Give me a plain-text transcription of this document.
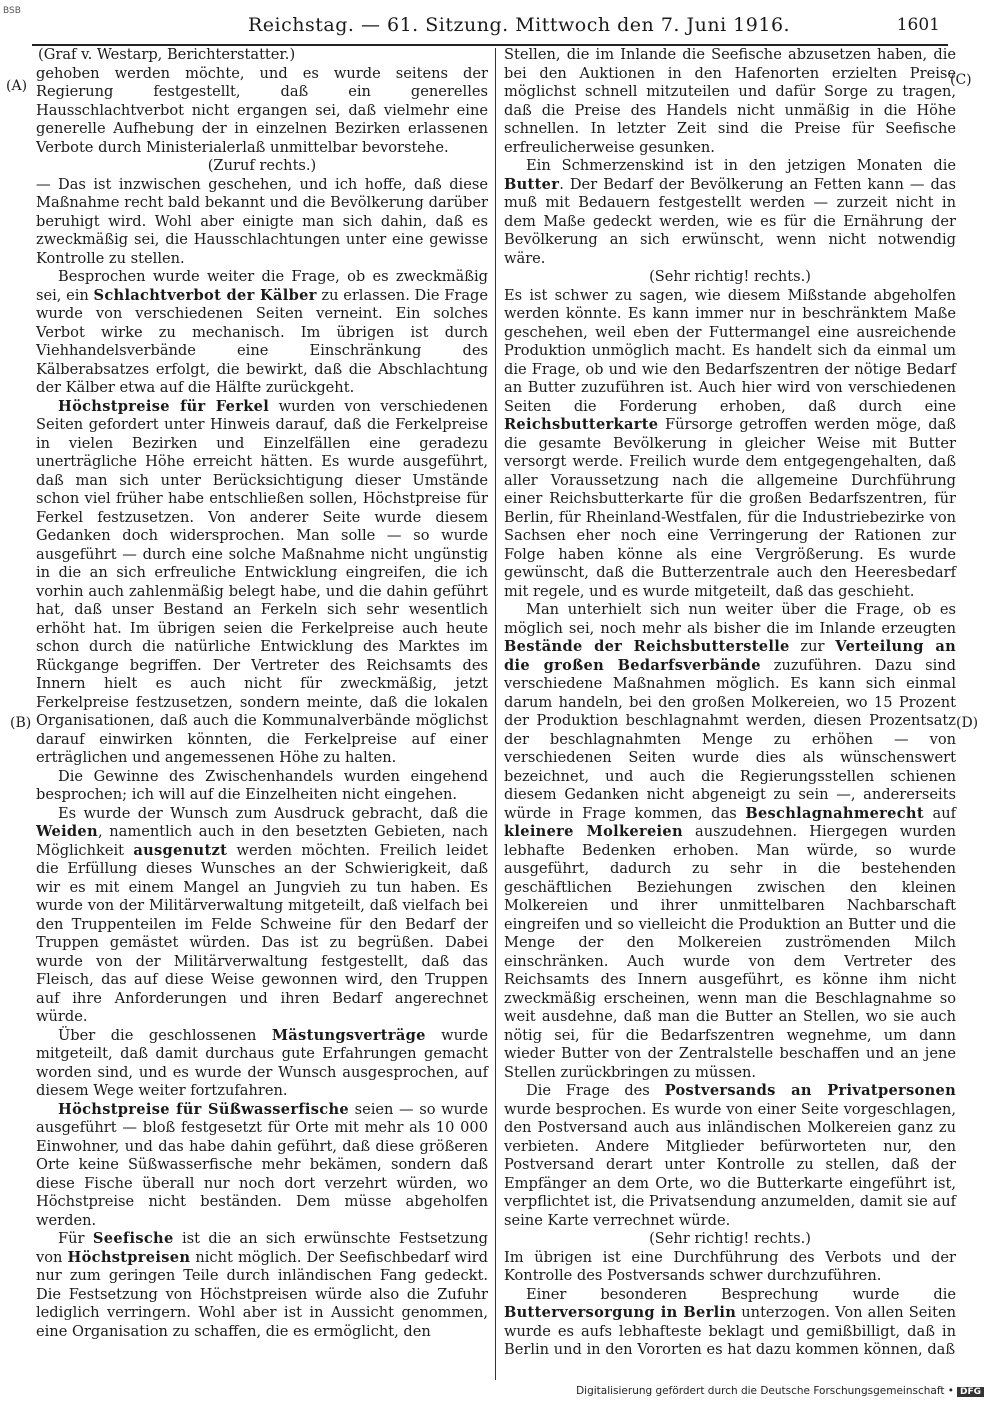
BSB
Reichstag. — 61. Sitzung. Mittwoch den 7. Juni 1916.	1601
(A)
(B)
(C)
(D)

(Graf v. Westarp, Berichterstatter.)

gehoben werden möchte, und es wurde seitens der Regierung festgestellt, daß ein generelles Hausschlachtverbot nicht ergangen sei, daß vielmehr eine generelle Aufhebung der in einzelnen Bezirken erlassenen Verbote durch Ministerialerlaß unmittelbar bevorstehe.

(Zuruf rechts.)

— Das ist inzwischen geschehen, und ich hoffe, daß diese Maßnahme recht bald bekannt und die Bevölkerung darüber beruhigt wird. Wohl aber einigte man sich dahin, daß es zweckmäßig sei, die Hausschlachtungen unter eine gewisse Kontrolle zu stellen.

Besprochen wurde weiter die Frage, ob es zweckmäßig sei, ein Schlachtverbot der Kälber zu erlassen. Die Frage wurde von verschiedenen Seiten verneint. Ein solches Verbot wirke zu mechanisch. Im übrigen ist durch Viehhandelsverbände eine Einschränkung des Kälberabsatzes erfolgt, die bewirkt, daß die Abschlachtung der Kälber etwa auf die Hälfte zurückgeht.

Höchstpreise für Ferkel wurden von verschiedenen Seiten gefordert unter Hinweis darauf, daß die Ferkelpreise in vielen Bezirken und Einzelfällen eine geradezu unerträgliche Höhe erreicht hätten. Es wurde ausgeführt, daß man sich unter Berücksichtigung dieser Umstände schon viel früher habe entschließen sollen, Höchstpreise für Ferkel festzusetzen. Von anderer Seite wurde diesem Gedanken doch widersprochen. Man solle — so wurde ausgeführt — durch eine solche Maßnahme nicht ungünstig in die an sich erfreuliche Entwicklung eingreifen, die ich vorhin auch zahlenmäßig belegt habe, und die dahin geführt hat, daß unser Bestand an Ferkeln sich sehr wesentlich erhöht hat. Im übrigen seien die Ferkelpreise auch heute schon durch die natürliche Entwicklung des Marktes im Rückgange begriffen. Der Vertreter des Reichsamts des Innern hielt es auch nicht für zweckmäßig, jetzt Ferkelpreise festzusetzen, sondern meinte, daß die lokalen Organisationen, daß auch die Kommunalverbände möglichst darauf einwirken könnten, die Ferkelpreise auf einer erträglichen und angemessenen Höhe zu halten.

Die Gewinne des Zwischenhandels wurden eingehend besprochen; ich will auf die Einzelheiten nicht eingehen.

Es wurde der Wunsch zum Ausdruck gebracht, daß die Weiden, namentlich auch in den besetzten Gebieten, nach Möglichkeit ausgenutzt werden möchten. Freilich leidet die Erfüllung dieses Wunsches an der Schwierigkeit, daß wir es mit einem Mangel an Jungvieh zu tun haben. Es wurde von der Militärverwaltung mitgeteilt, daß vielfach bei den Truppenteilen im Felde Schweine für den Bedarf der Truppen gemästet würden. Das ist zu begrüßen. Dabei wurde von der Militärverwaltung festgestellt, daß das Fleisch, das auf diese Weise gewonnen wird, den Truppen auf ihre Anforderungen und ihren Bedarf angerechnet würde.

Über die geschlossenen Mästungsverträge wurde mitgeteilt, daß damit durchaus gute Erfahrungen gemacht worden sind, und es wurde der Wunsch ausgesprochen, auf diesem Wege weiter fortzufahren.

Höchstpreise für Süßwasserfische seien — so wurde ausgeführt — bloß festgesetzt für Orte mit mehr als 10 000 Einwohner, und das habe dahin geführt, daß diese größeren Orte keine Süßwasserfische mehr bekämen, sondern daß diese Fische überall nur noch dort verzehrt würden, wo Höchstpreise nicht beständen. Dem müsse abgeholfen werden.

Für Seefische ist die an sich erwünschte Festsetzung von Höchstpreisen nicht möglich. Der Seefischbedarf wird nur zum geringen Teile durch inländischen Fang gedeckt. Die Festsetzung von Höchstpreisen würde also die Zufuhr lediglich verringern. Wohl aber ist in Aussicht genommen, eine Organisation zu schaffen, die es ermöglicht, den

Stellen, die im Inlande die Seefische abzusetzen haben, die bei den Auktionen in den Hafenorten erzielten Preise möglichst schnell mitzuteilen und dafür Sorge zu tragen, daß die Preise des Handels nicht unmäßig in die Höhe schnellen. In letzter Zeit sind die Preise für Seefische erfreulicherweise gesunken.

Ein Schmerzenskind ist in den jetzigen Monaten die Butter. Der Bedarf der Bevölkerung an Fetten kann — das muß mit Bedauern festgestellt werden — zurzeit nicht in dem Maße gedeckt werden, wie es für die Ernährung der Bevölkerung an sich erwünscht, wenn nicht notwendig wäre.

(Sehr richtig! rechts.)

Es ist schwer zu sagen, wie diesem Mißstande abgeholfen werden könnte. Es kann immer nur in beschränktem Maße geschehen, weil eben der Futtermangel eine ausreichende Produktion unmöglich macht. Es handelt sich da einmal um die Frage, ob und wie den Bedarfszentren der nötige Bedarf an Butter zuzuführen ist. Auch hier wird von verschiedenen Seiten die Forderung erhoben, daß durch eine Reichsbutterkarte Fürsorge getroffen werden möge, daß die gesamte Bevölkerung in gleicher Weise mit Butter versorgt werde. Freilich wurde dem entgegengehalten, daß aller Voraussetzung nach die allgemeine Durchführung einer Reichsbutterkarte für die großen Bedarfszentren, für Berlin, für Rheinland-Westfalen, für die Industriebezirke von Sachsen eher noch eine Verringerung der Rationen zur Folge haben könne als eine Vergrößerung. Es wurde gewünscht, daß die Butterzentrale auch den Heeresbedarf mit regele, und es wurde mitgeteilt, daß das geschieht.

Man unterhielt sich nun weiter über die Frage, ob es möglich sei, noch mehr als bisher die im Inlande erzeugten Bestände der Reichsbutterstelle zur Verteilung an die großen Bedarfsverbände zuzuführen. Dazu sind verschiedene Maßnahmen möglich. Es kann sich einmal darum handeln, bei den großen Molkereien, wo 15 Prozent der Produktion beschlagnahmt werden, diesen Prozentsatz der beschlagnahmten Menge zu erhöhen — von verschiedenen Seiten wurde dies als wünschenswert bezeichnet, und auch die Regierungsstellen schienen diesem Gedanken nicht abgeneigt zu sein —, andererseits würde in Frage kommen, das Beschlagnahmerecht auf kleinere Molkereien auszudehnen. Hiergegen wurden lebhafte Bedenken erhoben. Man würde, so wurde ausgeführt, dadurch zu sehr in die bestehenden geschäftlichen Beziehungen zwischen den kleinen Molkereien und ihrer unmittelbaren Nachbarschaft eingreifen und so vielleicht die Produktion an Butter und die Menge der den Molkereien zuströmenden Milch einschränken. Auch wurde von dem Vertreter des Reichsamts des Innern ausgeführt, es könne ihm nicht zweckmäßig erscheinen, wenn man die Beschlagnahme so weit ausdehne, daß man die Butter an Stellen, wo sie auch nötig sei, für die Bedarfszentren wegnehme, um dann wieder Butter von der Zentralstelle beschaffen und an jene Stellen zurückbringen zu müssen.

Die Frage des Postversands an Privatpersonen wurde besprochen. Es wurde von einer Seite vorgeschlagen, den Postversand auch aus inländischen Molkereien ganz zu verbieten. Andere Mitglieder befürworteten nur, den Postversand derart unter Kontrolle zu stellen, daß der Empfänger an dem Orte, wo die Butterkarte eingeführt ist, verpflichtet ist, die Privatsendung anzumelden, damit sie auf seine Karte verrechnet würde.

(Sehr richtig! rechts.)

Im übrigen ist eine Durchführung des Verbots und der Kontrolle des Postversands schwer durchzuführen.

Einer besonderen Besprechung wurde die Butterversorgung in Berlin unterzogen. Von allen Seiten wurde es aufs lebhafteste beklagt und gemißbilligt, daß in Berlin und in den Vororten es hat dazu kommen können, daß

Digitalisierung gefördert durch die Deutsche Forschungsgemeinschaft • DFG
